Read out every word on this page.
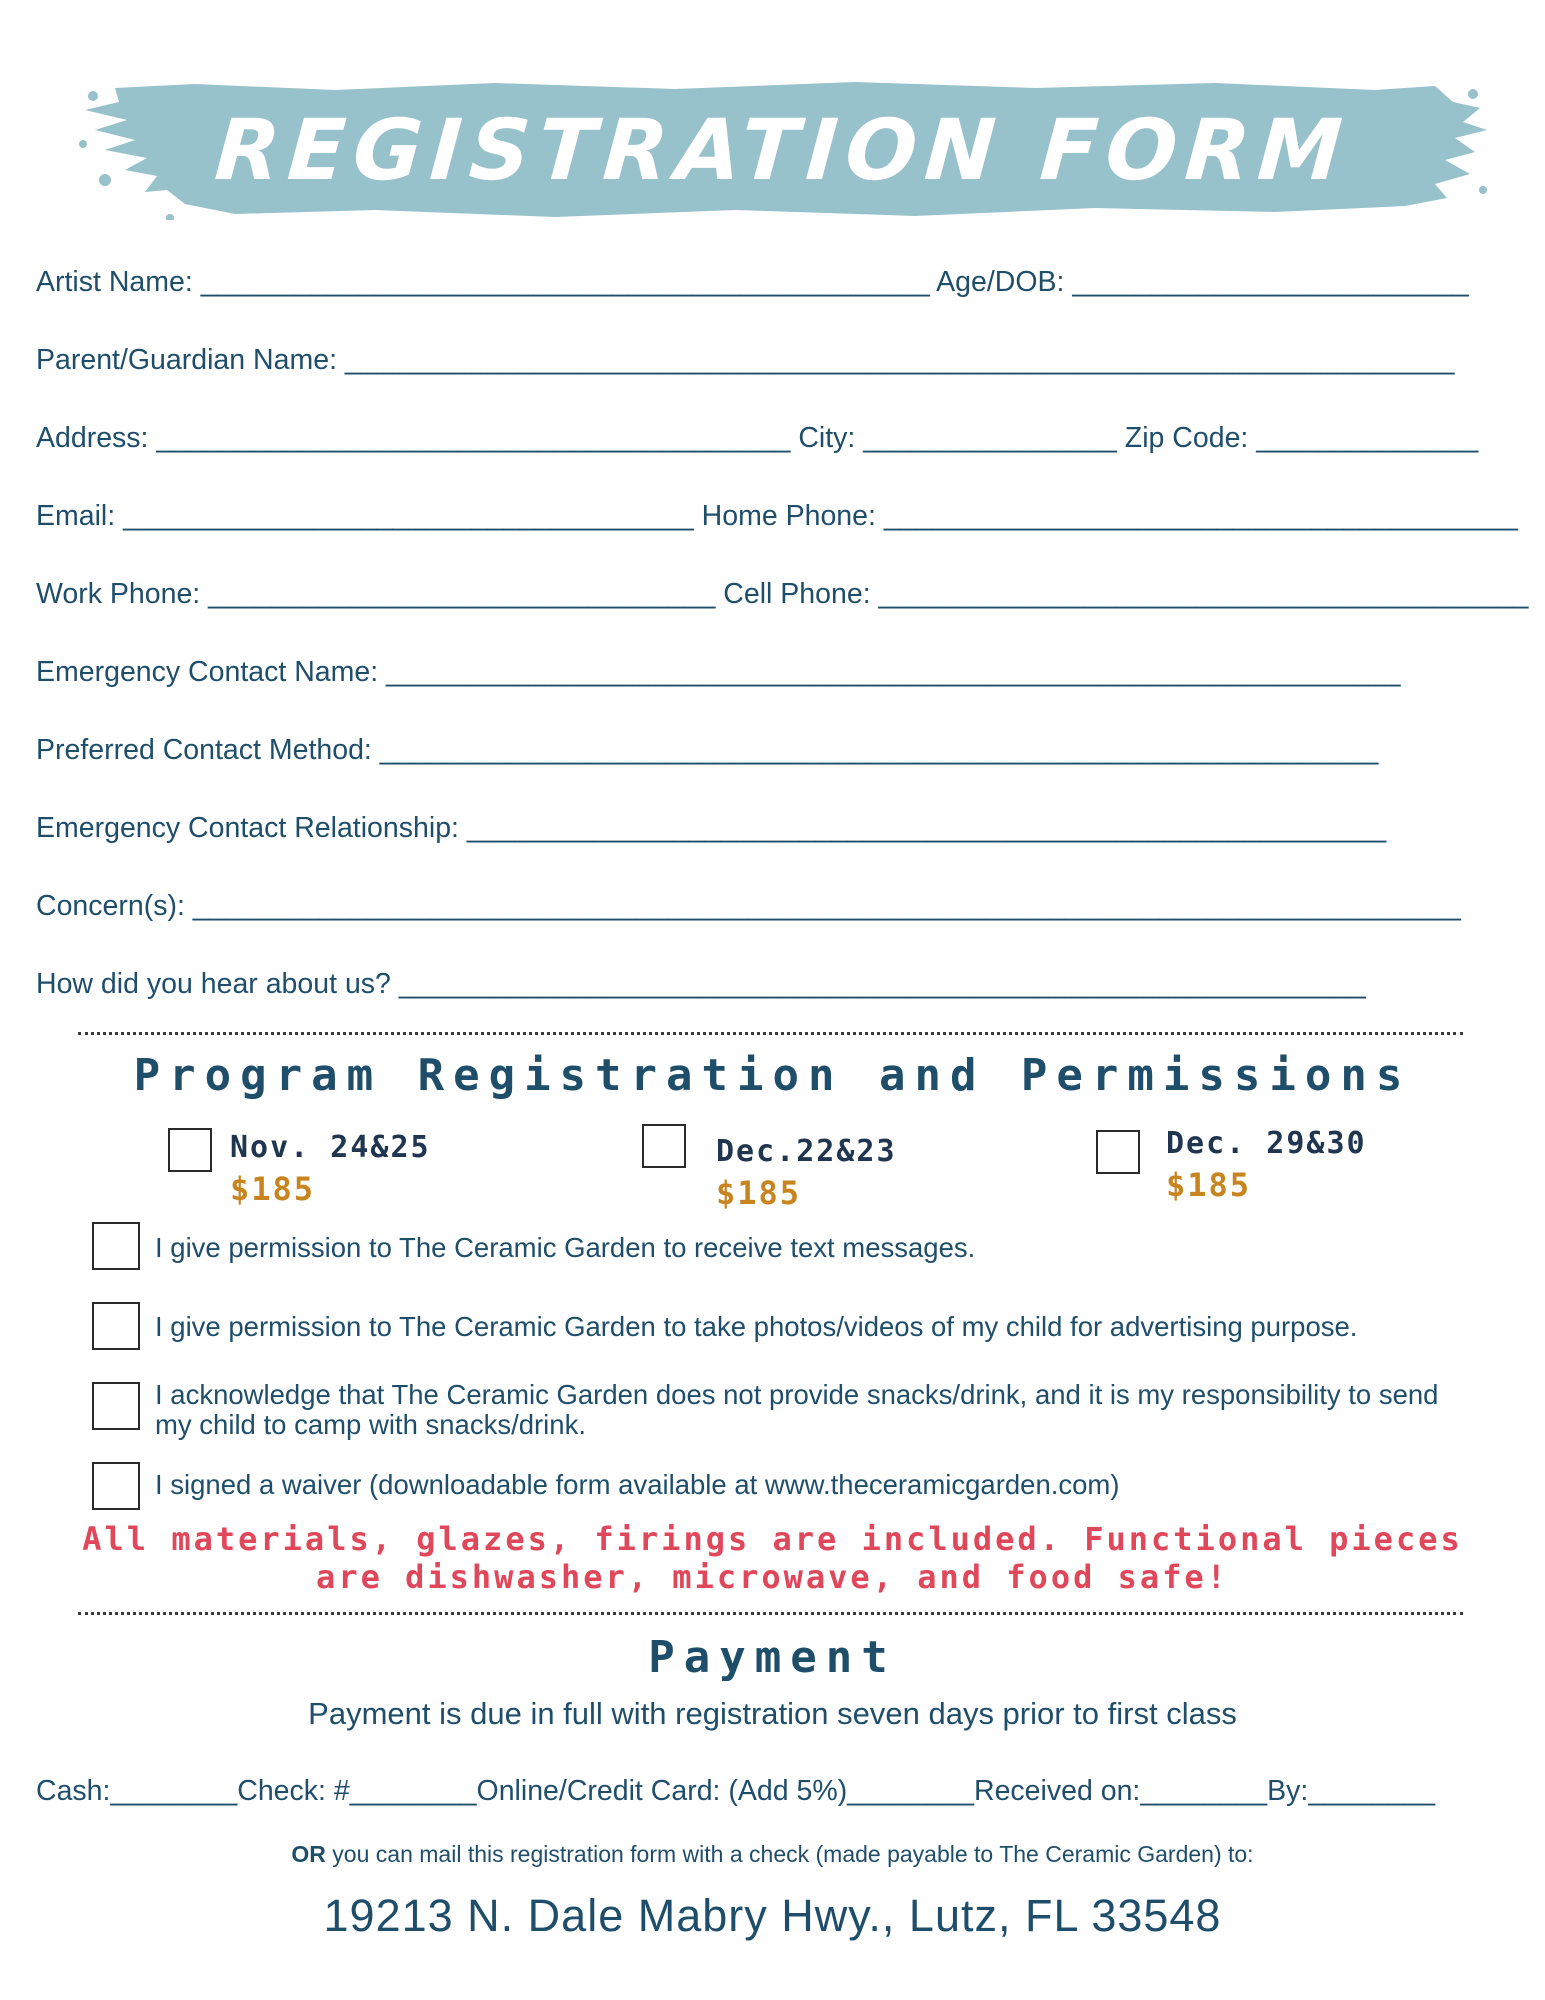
REGISTRATION FORM
Artist Name: ______________________________________________ Age/DOB: _________________________
Parent/Guardian Name: ______________________________________________________________________
Address: ________________________________________ City: ________________ Zip Code: ______________
Email: ____________________________________ Home Phone: ________________________________________
Work Phone: ________________________________ Cell Phone: _________________________________________
Emergency Contact Name: ________________________________________________________________
Preferred Contact Method: _______________________________________________________________
Emergency Contact Relationship: __________________________________________________________
Concern(s): ________________________________________________________________________________
How did you hear about us? _____________________________________________________________
Program Registration and Permissions
Nov. 24&25
$185
Dec.22&23
$185
Dec. 29&30
$185
I give permission to The Ceramic Garden to receive text messages.
I give permission to The Ceramic Garden to take photos/videos of my child for advertising purpose.
I acknowledge that The Ceramic Garden does not provide snacks/drink, and it is my responsibility to send my child to camp with snacks/drink.
I signed a waiver (downloadable form available at www.theceramicgarden.com)
All materials, glazes, firings are included. Functional pieces
are dishwasher, microwave, and food safe!
Payment
Payment is due in full with registration seven days prior to first class
Cash:________Check: #________Online/Credit Card: (Add 5%)________Received on:________By:________
OR you can mail this registration form with a check (made payable to The Ceramic Garden) to:
19213 N. Dale Mabry Hwy., Lutz, FL 33548
